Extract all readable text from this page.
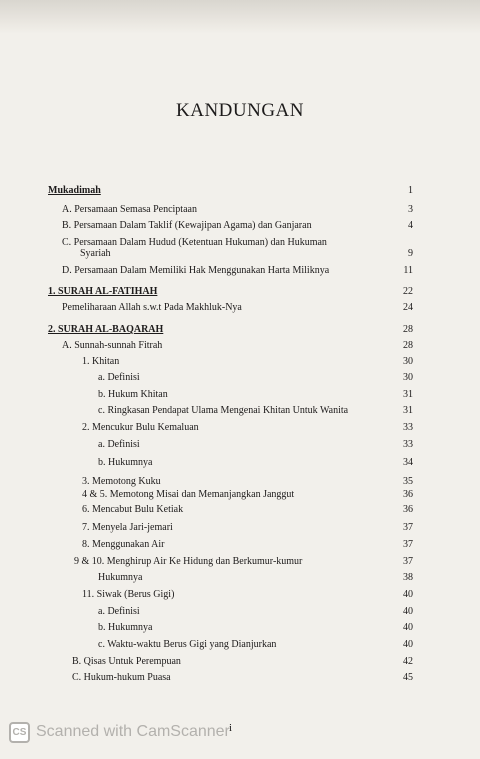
KANDUNGAN
Mukadimah	1
A. Persamaan Semasa Penciptaan	3
B. Persamaan Dalam Taklif (Kewajipan Agama) dan Ganjaran	4
C. Persamaan Dalam Hudud (Ketentuan Hukuman) dan Hukuman
Syariah	9
D. Persamaan Dalam Memiliki Hak Menggunakan Harta Miliknya	11
1. SURAH AL-FATIHAH	22
Pemeliharaan Allah s.w.t Pada Makhluk-Nya	24
2. SURAH AL-BAQARAH	28
A. Sunnah-sunnah Fitrah	28
1. Khitan	30
a. Definisi	30
b. Hukum Khitan	31
c. Ringkasan Pendapat Ulama Mengenai Khitan Untuk Wanita	31
2. Mencukur Bulu Kemaluan	33
a. Definisi	33
b. Hukumnya	34
3. Memotong Kuku	35
4 & 5. Memotong Misai dan Memanjangkan Janggut	36
6. Mencabut Bulu Ketiak	36
7. Menyela Jari-jemari	37
8. Menggunakan Air	37
9 & 10. Menghirup Air Ke Hidung dan Berkumur-kumur	37
Hukumnya	38
11. Siwak (Berus Gigi)	40
a. Definisi	40
b. Hukumnya	40
c. Waktu-waktu Berus Gigi yang Dianjurkan	40
B. Qisas Untuk Perempuan	42
C. Hukum-hukum Puasa	45
CS Scanned with CamScanner i
